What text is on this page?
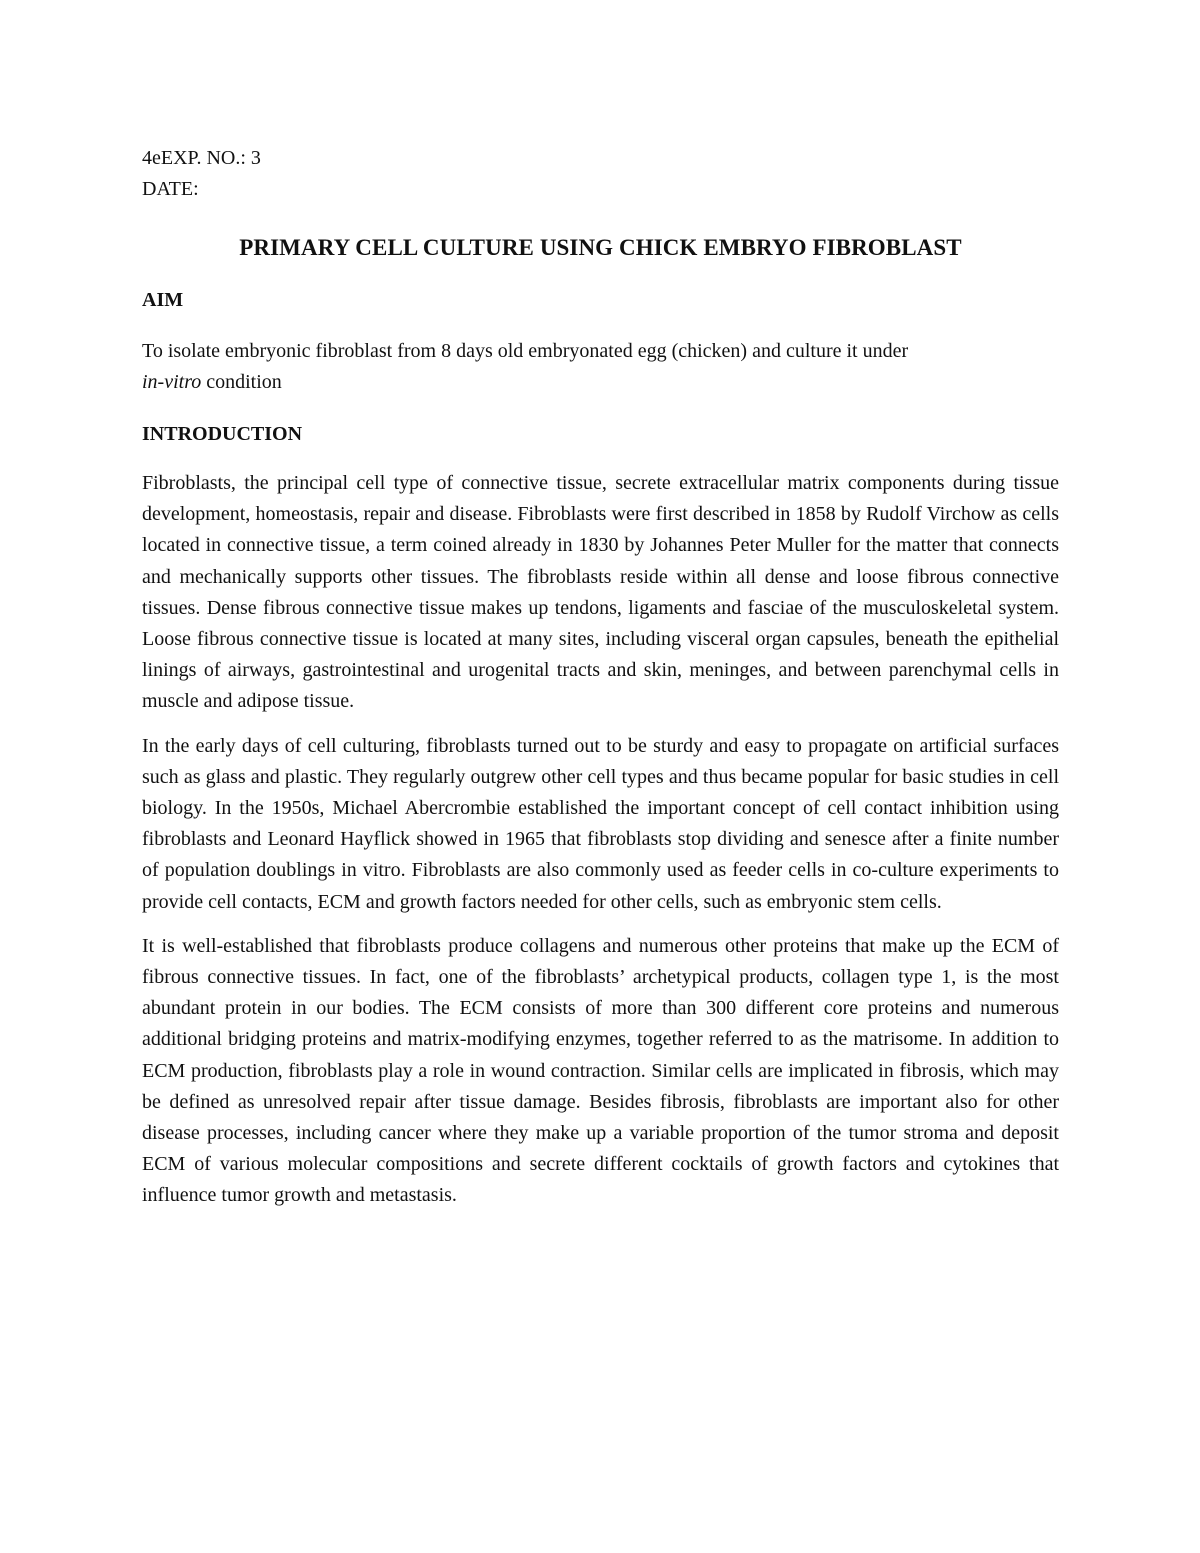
4eEXP. NO.: 3

DATE:

PRIMARY CELL CULTURE USING CHICK EMBRYO FIBROBLAST
AIM

To isolate embryonic fibroblast from 8 days old embryonated egg (chicken) and culture it under
in-vitro condition

INTRODUCTION

Fibroblasts, the principal cell type of connective tissue, secrete extracellular matrix components during tissue development, homeostasis, repair and disease. Fibroblasts were first described in 1858 by Rudolf Virchow as cells located in connective tissue, a term coined already in 1830 by Johannes Peter Muller for the matter that connects and mechanically supports other tissues. The fibroblasts reside within all dense and loose fibrous connective tissues. Dense fibrous connective tissue makes up tendons, ligaments and fasciae of the musculoskeletal system. Loose fibrous connective tissue is located at many sites, including visceral organ capsules, beneath the epithelial linings of airways, gastrointestinal and urogenital tracts and skin, meninges, and between parenchymal cells in muscle and adipose tissue.

In the early days of cell culturing, fibroblasts turned out to be sturdy and easy to propagate on artificial surfaces such as glass and plastic. They regularly outgrew other cell types and thus became popular for basic studies in cell biology. In the 1950s, Michael Abercrombie established the important concept of cell contact inhibition using fibroblasts and Leonard Hayflick showed in 1965 that fibroblasts stop dividing and senesce after a finite number of population doublings in vitro. Fibroblasts are also commonly used as feeder cells in co-culture experiments to provide cell contacts, ECM and growth factors needed for other cells, such as embryonic stem cells.

It is well-established that fibroblasts produce collagens and numerous other proteins that make up the ECM of fibrous connective tissues. In fact, one of the fibroblasts’ archetypical products, collagen type 1, is the most abundant protein in our bodies. The ECM consists of more than 300 different core proteins and numerous additional bridging proteins and matrix-modifying enzymes, together referred to as the matrisome. In addition to ECM production, fibroblasts play a role in wound contraction. Similar cells are implicated in fibrosis, which may be defined as unresolved repair after tissue damage. Besides fibrosis, fibroblasts are important also for other disease processes, including cancer where they make up a variable proportion of the tumor stroma and deposit ECM of various molecular compositions and secrete different cocktails of growth factors and cytokines that influence tumor growth and metastasis.
